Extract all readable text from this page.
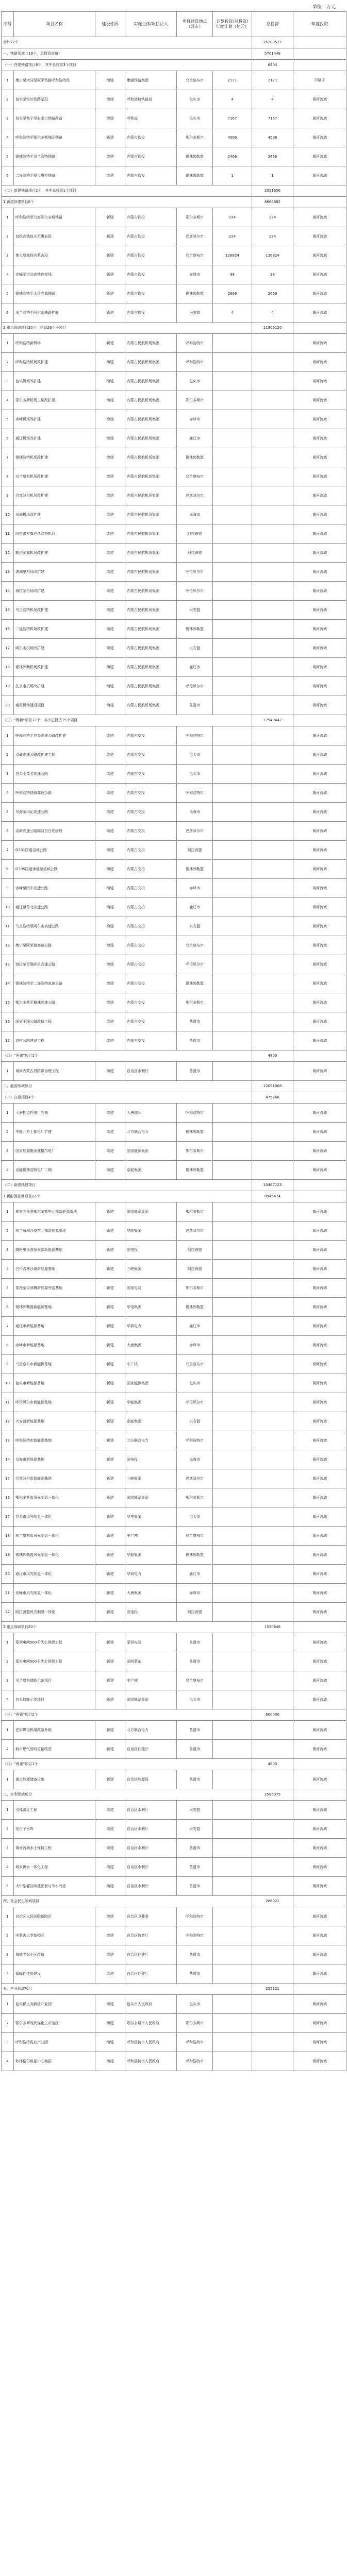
单位：万元
序号	项目名称	建设性质	实施主体/项目法人	项目建设地点（盟市）	计划投资/总投资/年度计划（亿元）	总投资	年度投资
合计77个						26209527	
一、铁路领域（19个，总投资省略）						5701448	
（一）在建铁路项目6个，其中总投资3个项目						6404	
1	集宁至大同至原平铁路呼和浩特段	续建	集通铁路集团	乌兰察布市	2171	2171	不属于
2	包头至银川铁路蒙段	续建	呼和浩特铁路局	包头市	4	4	黄河流域
3	包头至集宁至张家口铁路改造	续建	呼铁局	包头市	7167	7167	黄河流域
4	呼和浩特至鄂尔多斯城际铁路	新建	内蒙古铁投	鄂尔多斯市	4596	4596	黄河流域
5	锡林浩特至乌兰浩特铁路	续建	内蒙古铁投	锡林郭勒盟	2466	2466	黄河流域
6	二连浩特至赛汉塔拉铁路	续建	内蒙古铁投	锡林郭勒盟	1	1	黄河流域
（二）新建铁路项目2个，其中总投资1个项目						2051656	
1.新建续建项目6个						8666882	
1	呼和浩特至乌海鄂尔多斯铁路	新建	内蒙古铁投	鄂尔多斯市	224	224	黄河流域
2	包银高铁包头至惠农段	新建	内蒙古铁投	巴彦淖尔市	224	224	黄河流域
3	集大原高铁内蒙古段	新建	内蒙古铁投	乌兰察布市	126824	126824	黄河流域
4	赤峰至京沈高铁连接线	新建	内蒙古铁投	赤峰市	38	38	黄河流域
5	锡林浩特至太仆寺旗铁路	新建	内蒙古铁投	锡林郭勒盟	2669	2669	黄河流域
6	乌兰浩特至阿尔山铁路扩能	新建	内蒙古铁投	兴安盟	4	4	黄河流域
2.重点领域项目20个，建设26个子项目						11906120	
1	呼和浩特新机场	新建	内蒙古民航机场集团	呼和浩特市			黄河流域
2	呼和浩特机场改扩建	续建	内蒙古民航机场集团	呼和浩特市			黄河流域
3	包头机场改扩建	续建	内蒙古民航机场集团	包头市			黄河流域
4	鄂尔多斯机场三期改扩建	续建	内蒙古民航机场集团	鄂尔多斯市			黄河流域
5	赤峰机场改扩建	续建	内蒙古民航机场集团	赤峰市			黄河流域
6	通辽机场改扩建	续建	内蒙古民航机场集团	通辽市			黄河流域
7	锡林浩特机场改扩建	续建	内蒙古民航机场集团	锡林郭勒盟			黄河流域
8	乌兰察布机场改扩建	续建	内蒙古民航机场集团	乌兰察布市			黄河流域
9	巴彦淖尔机场改扩建	续建	内蒙古民航机场集团	巴彦淖尔市			黄河流域
10	乌海机场改扩建	续建	内蒙古民航机场集团	乌海市			黄河流域
11	阿拉善左旗巴彦浩特机场	续建	内蒙古民航机场集团	阿拉善盟			黄河流域
12	额济纳旗机场改扩建	续建	内蒙古民航机场集团	阿拉善盟			黄河流域
13	满洲里机场改扩建	续建	内蒙古民航机场集团	呼伦贝尔市			黄河流域
14	海拉尔机场改扩建	续建	内蒙古民航机场集团	呼伦贝尔市			黄河流域
15	乌兰浩特机场改扩建	续建	内蒙古民航机场集团	兴安盟			黄河流域
16	二连浩特机场改扩建	续建	内蒙古民航机场集团	锡林郭勒盟			黄河流域
17	阿尔山机场改扩建	续建	内蒙古民航机场集团	兴安盟			黄河流域
18	霍林郭勒机场改扩建	续建	内蒙古民航机场集团	通辽市			黄河流域
19	扎兰屯机场改扩建	续建	内蒙古民航机场集团	呼伦贝尔市			黄河流域
20	通用机场建设项目	续建	内蒙古民航机场集团	各盟市			黄河流域
（三）“两新”项目17个，其中总投资15个项目						17940442	
1	呼和浩特至包头高速公路改扩建	续建	内蒙古交投	呼和浩特市			黄河流域
2	京藏高速公路改扩建工程	续建	内蒙古交投	包头市			黄河流域
3	包头至茂名高速公路	续建	内蒙古交投	包头市			黄河流域
4	呼和浩特绕城高速公路	续建	内蒙古交投	呼和浩特市			黄河流域
5	乌海至玛沁高速公路	续建	内蒙古交投	乌海市			黄河流域
6	京新高速公路临河至白疙瘩段	续建	内蒙古交投	巴彦淖尔市			黄河流域
7	G331国道边境公路	续建	内蒙古交投	阿拉善盟			黄河流域
8	G335国道承德至塔城公路	续建	内蒙古交投	锡林郭勒盟			黄河流域
9	赤峰至绥中高速公路	续建	内蒙古交投	赤峰市			黄河流域
10	通辽至鲁北高速公路	续建	内蒙古交投	通辽市			黄河流域
11	乌兰浩特至阿尔山高速公路	续建	内蒙古交投	兴安盟			黄河流域
12	集宁至阿荣旗高速公路	续建	内蒙古交投	乌兰察布市			黄河流域
13	海拉尔至满洲里高速公路	续建	内蒙古交投	呼伦贝尔市			黄河流域
14	锡林浩特至二连浩特高速公路	续建	内蒙古交投	锡林郭勒盟			黄河流域
15	鄂尔多斯至榆林高速公路	续建	内蒙古交投	鄂尔多斯市			黄河流域
16	国省干线公路改造工程	续建	内蒙古交投	各盟市			黄河流域
17	农村公路建设工程	续建	内蒙古交投	各盟市			黄河流域
（四）“两重”项目1个						4800	
1	黄河内蒙古段防洪治理工程	续建	自治区水利厅	各盟市			黄河流域
二、能源领域项目						12051068	
（一）在建项目4个						475266	
1	大唐托克托电厂五期	续建	大唐国际	呼和浩特市			黄河流域
2	华能北方上都电厂扩建	续建	北方联合电力	锡林郭勒盟			黄河流域
3	国家能源集团准格尔电厂	续建	国家能源集团	鄂尔多斯市			黄河流域
4	京能锡林浩特电厂二期	续建	京能集团	锡林郭勒盟			黄河流域
（二）新建续建项目						10467123	
1.新能源基地项目22个						8946474	
1	库布其沙漠鄂尔多斯中北部新能源基地	新建	国家能源集团	鄂尔多斯市			黄河流域
2	乌兰布和沙漠东北部新能源基地	新建	华能集团	巴彦淖尔市			黄河流域
3	腾格里沙漠东南部新能源基地	新建	国电投	阿拉善盟			黄河流域
4	巴丹吉林沙漠新能源基地	新建	三峡集团	阿拉善盟			黄河流域
5	蒙西至京津冀新能源外送基地	新建	国家电网	鄂尔多斯市			黄河流域
6	锡林郭勒盟新能源基地	新建	华电集团	锡林郭勒盟			黄河流域
7	通辽市新能源基地	新建	华润电力	通辽市			黄河流域
8	赤峰市新能源基地	新建	大唐集团	赤峰市			黄河流域
9	乌兰察布市新能源基地	新建	中广核	乌兰察布市			黄河流域
10	包头市新能源基地	新建	国家能源集团	包头市			黄河流域
11	呼伦贝尔市新能源基地	新建	华能集团	呼伦贝尔市			黄河流域
12	兴安盟新能源基地	新建	京能集团	兴安盟			黄河流域
13	呼和浩特市新能源基地	新建	北方联合电力	呼和浩特市			黄河流域
14	乌海市新能源基地	新建	国电投	乌海市			黄河流域
15	巴彦淖尔市新能源基地	新建	三峡集团	巴彦淖尔市			黄河流域
16	鄂尔多斯市风光制氢一体化	新建	国家能源集团	鄂尔多斯市			黄河流域
17	包头市风光制氢一体化	新建	华电集团	包头市			黄河流域
18	乌兰察布市风光制氢一体化	新建	中广核	乌兰察布市			黄河流域
19	锡林郭勒盟风光制氢一体化	新建	华能集团	锡林郭勒盟			黄河流域
20	通辽市风光制氢一体化	新建	华润电力	通辽市			黄河流域
21	赤峰市风光制氢一体化	新建	大唐集团	赤峰市			黄河流域
22	阿拉善盟风光制氢一体化	新建	国电投	阿拉善盟			黄河流域
2.重点领域项目20个						1520649	
1	蒙西电网500千伏主网架工程	新建	蒙西电网	各盟市			黄河流域
2	蒙东电网500千伏主网架工程	新建	国网蒙东	各盟市			黄河流域
3	乌兰察布储能示范项目	新建	中广核	乌兰察布市			黄河流域
4	包头储能示范项目	新建	国家能源集团	包头市			黄河流域
（三）“两新”项目2个						600000	
1	老旧煤电机组改造升级	新建	北方联合电力	各盟市			黄河流域
2	城市燃气管网更新改造	新建	自治区住建厅	各盟市			黄河流域
（四）“两重”项目1个						4800	
1	重点能源储备设施	新建	自治区能源局	各盟市			黄河流域
三、水利领域项目						2586075	
1	引绰济辽工程	续建	自治区水利厅	兴安盟			黄河流域
2	东台子水库	续建	自治区水利厅	兴安盟			黄河流域
3	黄河流域水土保持工程	续建	自治区水利厅	各盟市			黄河流域
4	城乡供水一体化工程	续建	自治区水利厅	各盟市			黄河流域
5	大中型灌区续建配套与节水改造	续建	自治区水利厅	各盟市			黄河流域
四、社会民生领域项目						286021	
1	自治区人民医院新院区	续建	自治区卫健委	呼和浩特市			黄河流域
2	内蒙古大学新校区	续建	自治区教育厅	呼和浩特市			黄河流域
3	城镇老旧小区改造	续建	自治区住建厅	各盟市			黄河流域
4	保障性住房建设	续建	自治区住建厅	各盟市			黄河流域
五、产业领域项目						255121	
1	包头稀土高新区产业园	续建	包头市人民政府	包头市			黄河流域
2	鄂尔多斯现代煤化工示范区	续建	鄂尔多斯市人民政府	鄂尔多斯市			黄河流域
3	呼和浩特乳业产业园	续建	呼和浩特市人民政府	呼和浩特市			黄河流域
4	和林格尔数据中心集群	续建	呼和浩特市人民政府	呼和浩特市			黄河流域
